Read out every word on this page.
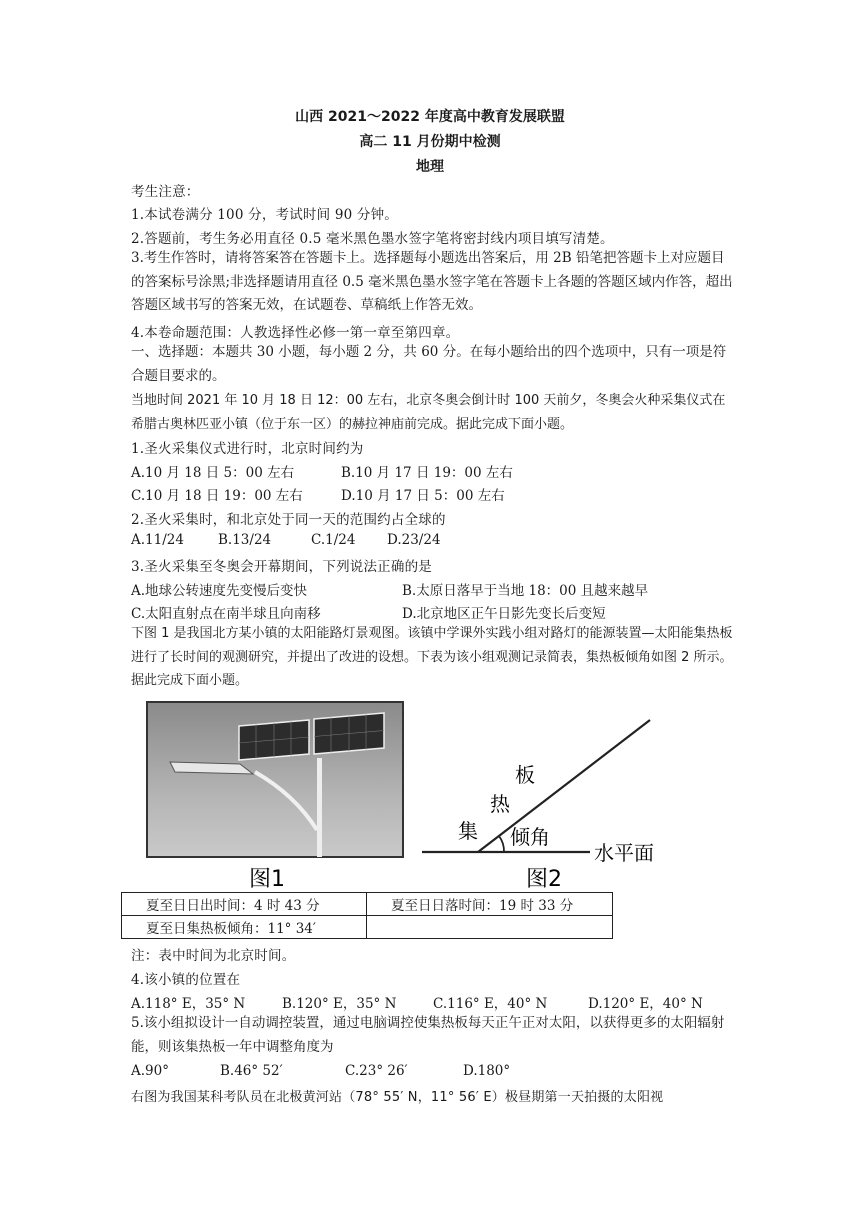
山西 2021～2022 年度高中教育发展联盟
高二 11 月份期中检测
地理
考生注意：
1.本试卷满分 100 分，考试时间 90 分钟。
2.答题前，考生务必用直径 0.5 毫米黑色墨水签字笔将密封线内项目填写清楚。
3.考生作答时，请将答案答在答题卡上。选择题每小题选出答案后，用 2B 铅笔把答题卡上对应题目的答案标号涂黑;非选择题请用直径 0.5 毫米黑色墨水签字笔在答题卡上各题的答题区域内作答，超出答题区域书写的答案无效，在试题卷、草稿纸上作答无效。
4.本卷命题范围：人教选择性必修一第一章至第四章。
一、选择题：本题共 30 小题，每小题 2 分，共 60 分。在每小题给出的四个选项中，只有一项是符合题目要求的。
当地时间 2021 年 10 月 18 日 12：00 左右，北京冬奥会倒计时 100 天前夕，冬奥会火种采集仪式在希腊古奥林匹亚小镇（位于东一区）的赫拉神庙前完成。据此完成下面小题。
1.圣火采集仪式进行时，北京时间约为
A.10 月 18 日 5：00 左右	B.10 月 17 日 19：00 左右
C.10 月 18 日 19：00 左右	D.10 月 17 日 5：00 左右
2.圣火采集时，和北京处于同一天的范围约占全球的
A.11/24	B.13/24	C.1/24 D.23/24
3.圣火采集至冬奥会开幕期间，下列说法正确的是
A.地球公转速度先变慢后变快	B.太原日落早于当地 18：00 且越来越早
C.太阳直射点在南半球且向南移	D.北京地区正午日影先变长后变短
下图 1 是我国北方某小镇的太阳能路灯景观图。该镇中学课外实践小组对路灯的能源装置—太阳能集热板进行了长时间的观测研究，并提出了改进的设想。下表为该小组观测记录简表，集热板倾角如图 2 所示。据此完成下面小题。
图1
板
热
集 倾角
水平面
图2
夏至日日出时间：4 时 43 分	夏至日日落时间：19 时 33 分
夏至日集热板倾角：11° 34′	
注：表中时间为北京时间。
4.该小镇的位置在
A.118° E，35° N	B.120° E，35° N	C.116° E，40° N	D.120° E，40° N
5.该小组拟设计一自动调控装置，通过电脑调控使集热板每天正午正对太阳，以获得更多的太阳辐射能，则该集热板一年中调整角度为
A.90°	B.46° 52′	C.23° 26′	D.180°
右图为我国某科考队员在北极黄河站（78° 55′ N，11° 56′ E）极昼期第一天拍摄的太阳视
